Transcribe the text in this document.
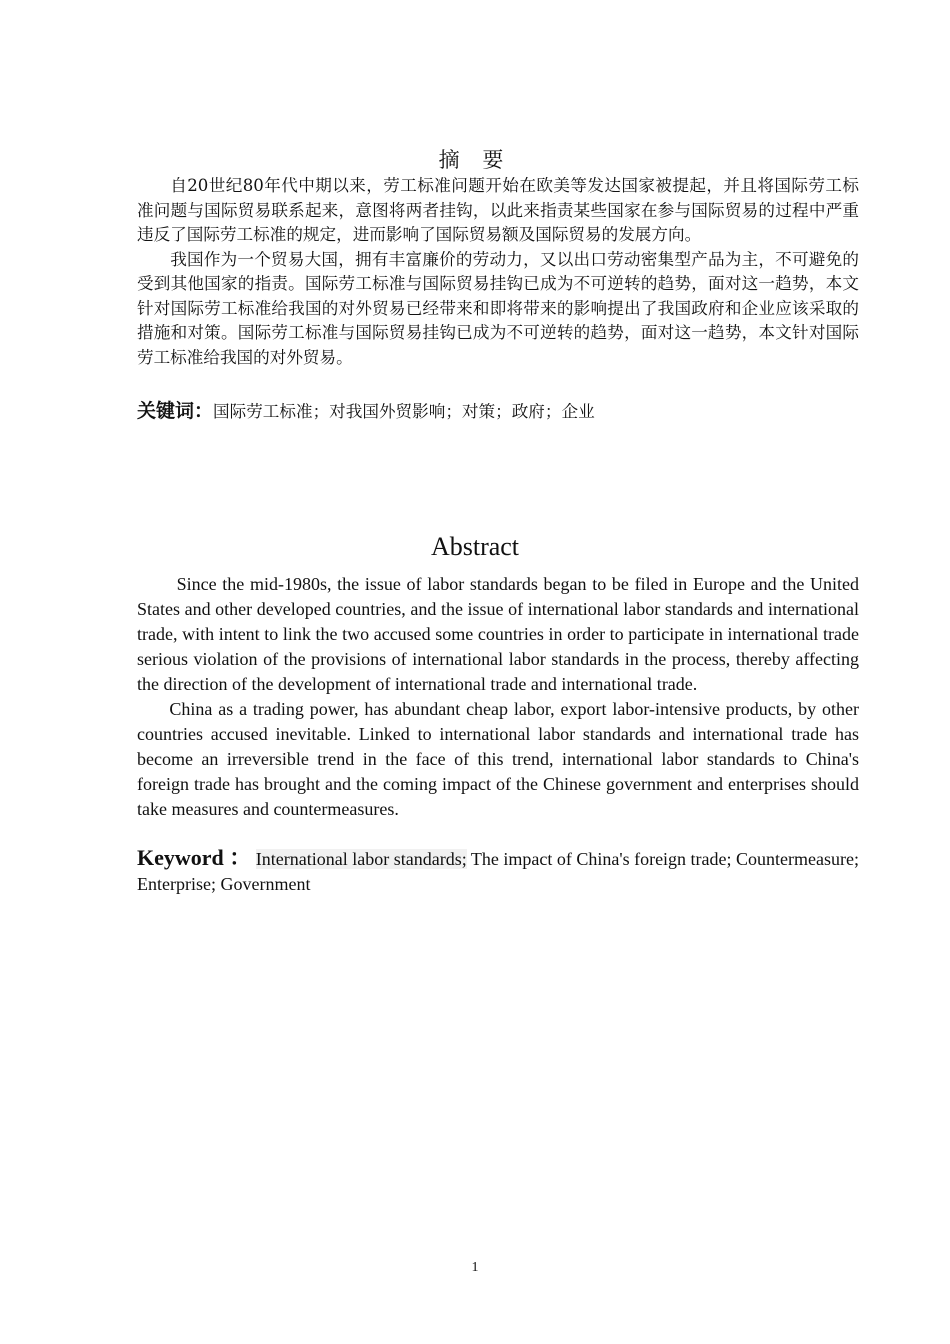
摘 要

自20世纪80年代中期以来，劳工标准问题开始在欧美等发达国家被提起，并且将国际劳工标准问题与国际贸易联系起来，意图将两者挂钩，以此来指责某些国家在参与国际贸易的过程中严重违反了国际劳工标准的规定，进而影响了国际贸易额及国际贸易的发展方向。

我国作为一个贸易大国，拥有丰富廉价的劳动力，又以出口劳动密集型产品为主，不可避免的受到其他国家的指责。国际劳工标准与国际贸易挂钩已成为不可逆转的趋势，面对这一趋势，本文针对国际劳工标准给我国的对外贸易已经带来和即将带来的影响提出了我国政府和企业应该采取的措施和对策。国际劳工标准与国际贸易挂钩已成为不可逆转的趋势，面对这一趋势，本文针对国际劳工标准给我国的对外贸易。

关键词：国际劳工标准；对我国外贸影响；对策；政府；企业
Abstract

Since the mid-1980s, the issue of labor standards began to be filed in Europe and the United States and other developed countries, and the issue of international labor standards and international trade, with intent to link the two accused some countries in order to participate in international trade serious violation of the provisions of international labor standards in the process, thereby affecting the direction of the development of international trade and international trade.

China as a trading power, has abundant cheap labor, export labor-intensive products, by other countries accused inevitable. Linked to international labor standards and international trade has become an irreversible trend in the face of this trend, international labor standards to China's foreign trade has brought and the coming impact of the Chinese government and enterprises should take measures and countermeasures.

Keyword ： International labor standards; The impact of China's foreign trade; Countermeasure; Enterprise; Government
1
